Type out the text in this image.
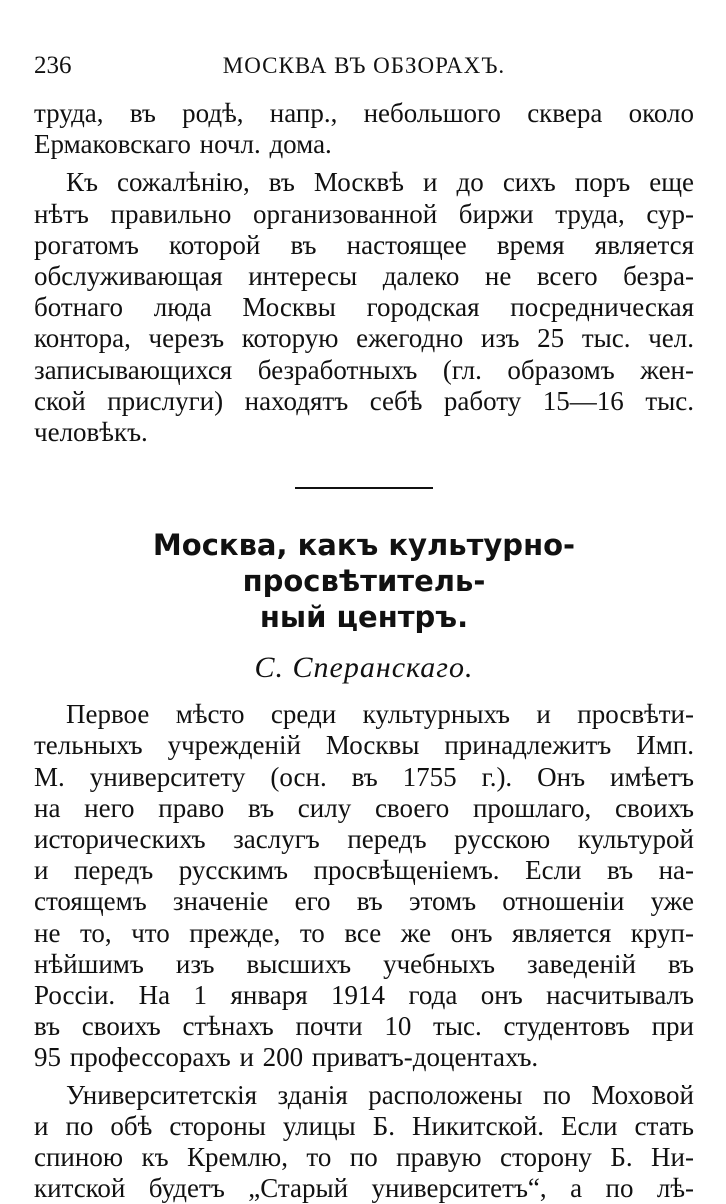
236	МОСКВА ВЪ ОБЗОРАХЪ.

труда, въ родѣ, напр., небольшого сквера около
Ермаковскаго ночл. дома.

Къ сожалѣнію, въ Москвѣ и до сихъ поръ еще
нѣтъ правильно организованной биржи труда, сур-
рогатомъ которой въ настоящее время является
обслуживающая интересы далеко не всего безра-
ботнаго люда Москвы городская посредническая
контора, черезъ которую ежегодно изъ 25 тыс. чел.
записывающихся безработныхъ (гл. образомъ жен-
ской прислуги) находятъ себѣ работу 15—16 тыс.
человѣкъ.

Москва, какъ культурно-просвѣтитель-
ный центръ.
С. Сперанскаго.

Первое мѣсто среди культурныхъ и просвѣти-
тельныхъ учрежденій Москвы принадлежитъ Имп.
М. университету (осн. въ 1755 г.). Онъ имѣетъ
на него право въ силу своего прошлаго, своихъ
историческихъ заслугъ передъ русскою культурой
и передъ русскимъ просвѣщеніемъ. Если въ на-
стоящемъ значеніе его въ этомъ отношеніи уже
не то, что прежде, то все же онъ является круп-
нѣйшимъ изъ высшихъ учебныхъ заведеній въ
Россіи. На 1 января 1914 года онъ насчитывалъ
въ своихъ стѣнахъ почти 10 тыс. студентовъ при
95 профессорахъ и 200 приватъ-доцентахъ.

Университетскія зданія расположены по Моховой
и по обѣ стороны улицы Б. Никитской. Если стать
спиною къ Кремлю, то по правую сторону Б. Ни-
китской будетъ „Старый университетъ“, а по лѣ-
